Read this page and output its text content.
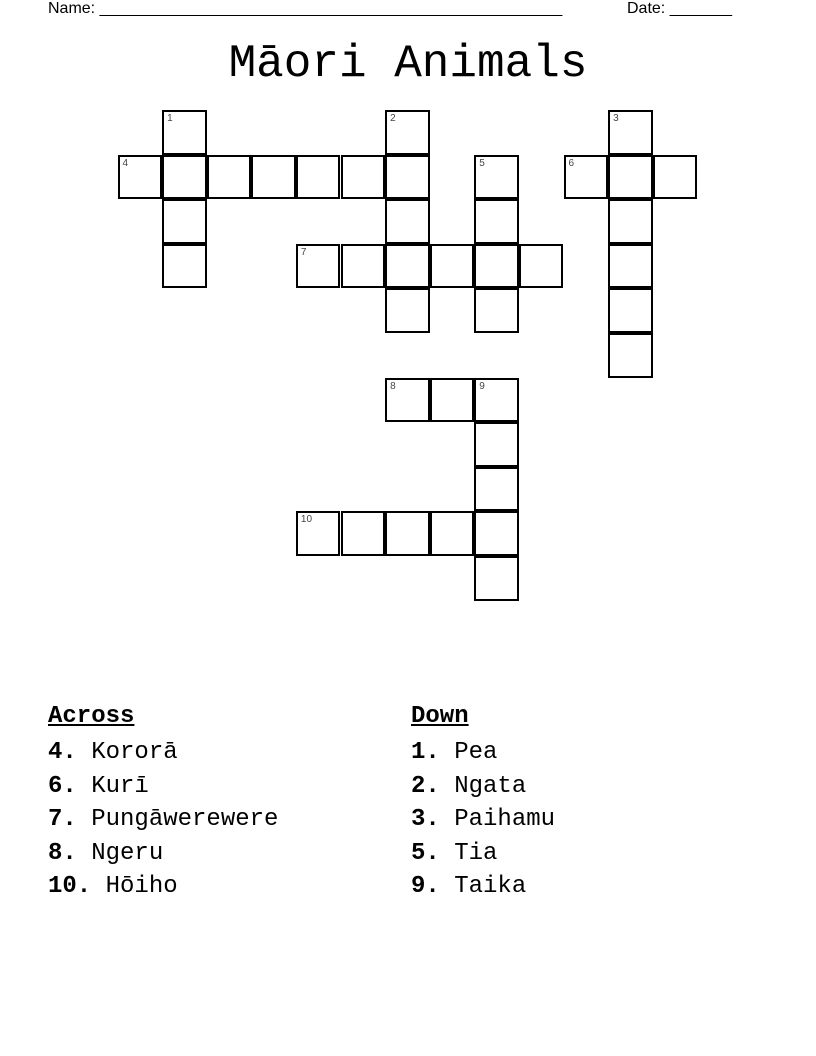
Name: ____________________________________________________	Date: _______
Māori Animals
1	2	3
4	5	6
7
8	9
10
Across
4. Kororā
6. Kurī
7. Pungāwerewere
8. Ngeru
10. Hōiho
Down
1. Pea
2. Ngata
3. Paihamu
5. Tia
9. Taika
